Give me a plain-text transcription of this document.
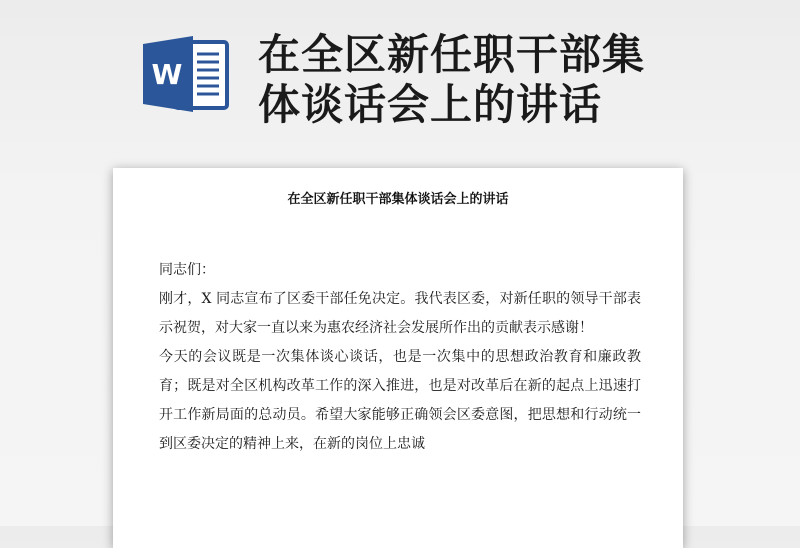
W 在全区新任职干部集
体谈话会上的讲话
在全区新任职干部集体谈话会上的讲话

同志们：

刚才，X 同志宣布了区委干部任免决定。我代表区委，对新任职的领导干部表示祝贺，对大家一直以来为惠农经济社会发展所作出的贡献表示感谢！

今天的会议既是一次集体谈心谈话，也是一次集中的思想政治教育和廉政教育；既是对全区机构改革工作的深入推进，也是对改革后在新的起点上迅速打开工作新局面的总动员。希望大家能够正确领会区委意图，把思想和行动统一到区委决定的精神上来，在新的岗位上忠诚
